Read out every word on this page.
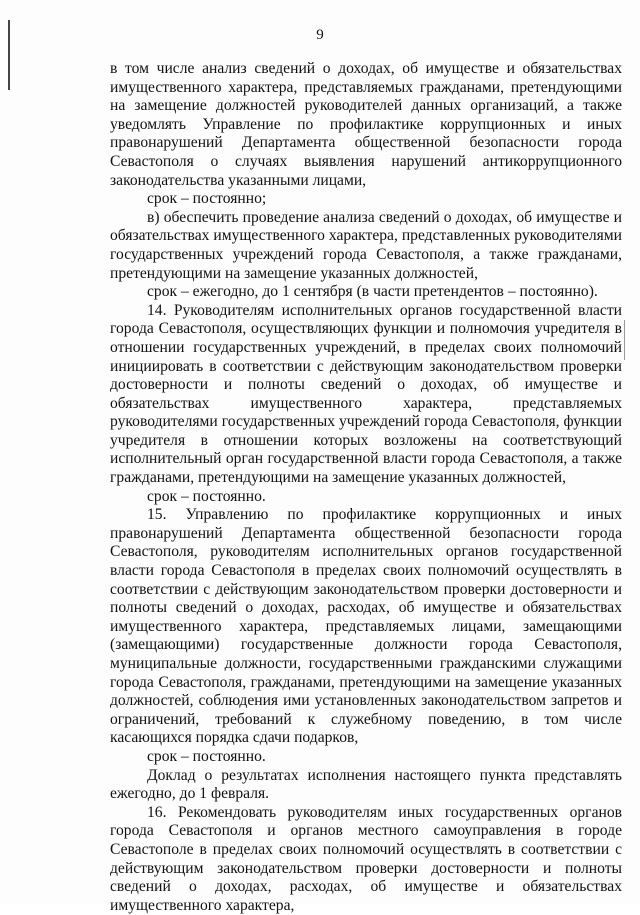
9

в том числе анализ сведений о доходах, об имуществе и обязательствах имущественного характера, представляемых гражданами, претендующими на замещение должностей руководителей данных организаций, а также уведомлять Управление по профилактике коррупционных и иных правонарушений Департамента общественной безопасности города Севастополя о случаях выявления нарушений антикоррупционного законодательства указанными лицами,

срок – постоянно;

в) обеспечить проведение анализа сведений о доходах, об имуществе и обязательствах имущественного характера, представленных руководителями государственных учреждений города Севастополя, а также гражданами, претендующими на замещение указанных должностей,

срок – ежегодно, до 1 сентября (в части претендентов – постоянно).

14. Руководителям исполнительных органов государственной власти города Севастополя, осуществляющих функции и полномочия учредителя в отношении государственных учреждений, в пределах своих полномочий инициировать в соответствии с действующим законодательством проверки достоверности и полноты сведений о доходах, об имуществе и обязательствах имущественного характера, представляемых руководителями государственных учреждений города Севастополя, функции учредителя в отношении которых возложены на соответствующий исполнительный орган государственной власти города Севастополя, а также гражданами, претендующими на замещение указанных должностей,

срок – постоянно.

15. Управлению по профилактике коррупционных и иных правонарушений Департамента общественной безопасности города Севастополя, руководителям исполнительных органов государственной власти города Севастополя в пределах своих полномочий осуществлять в соответствии с действующим законодательством проверки достоверности и полноты сведений о доходах, расходах, об имуществе и обязательствах имущественного характера, представляемых лицами, замещающими (замещающими) государственные должности города Севастополя, муниципальные должности, государственными гражданскими служащими города Севастополя, гражданами, претендующими на замещение указанных должностей, соблюдения ими установленных законодательством запретов и ограничений, требований к служебному поведению, в том числе касающихся порядка сдачи подарков,

срок – постоянно.

Доклад о результатах исполнения настоящего пункта представлять ежегодно, до 1 февраля.

16. Рекомендовать руководителям иных государственных органов города Севастополя и органов местного самоуправления в городе Севастополе в пределах своих полномочий осуществлять в соответствии с действующим законодательством проверки достоверности и полноты сведений о доходах, расходах, об имуществе и обязательствах имущественного характера,
